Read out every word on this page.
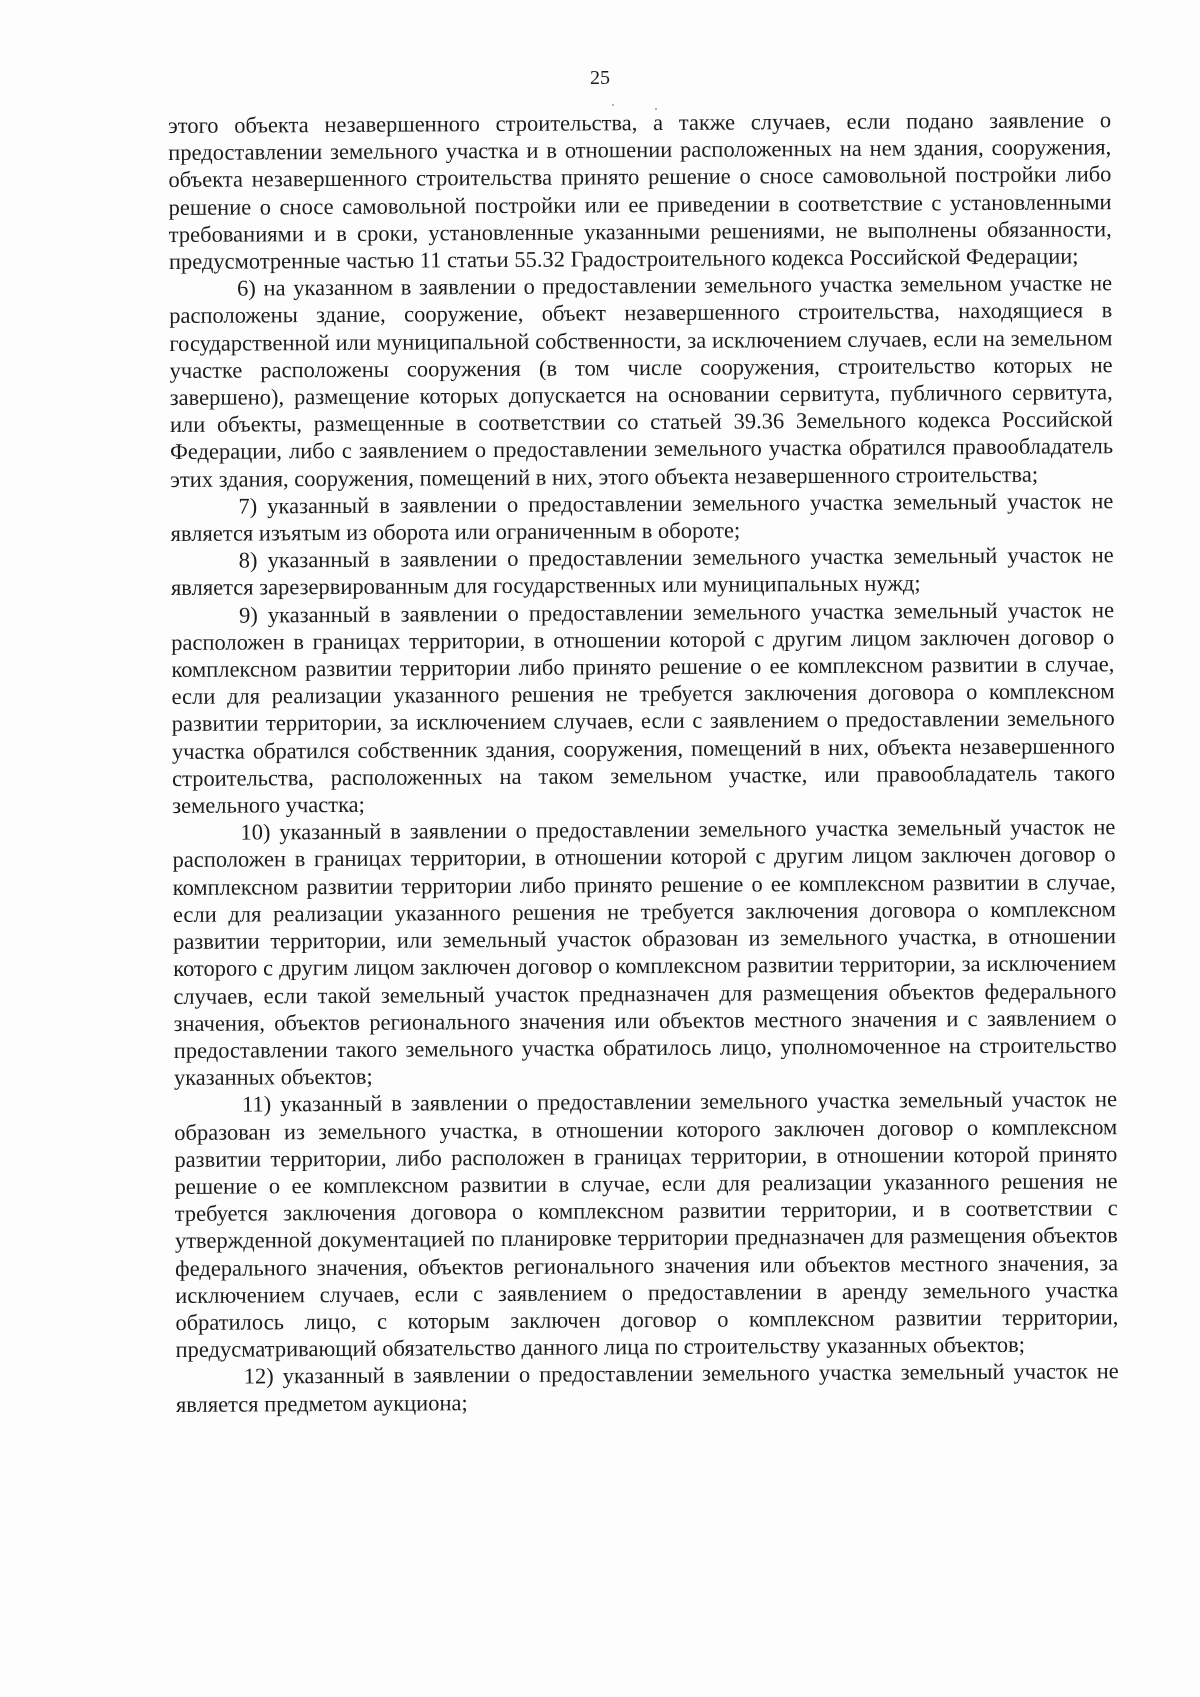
25

этого объекта незавершенного строительства, а также случаев, если подано заявление о предоставлении земельного участка и в отношении расположенных на нем здания, сооружения, объекта незавершенного строительства принято решение о сносе самовольной постройки либо решение о сносе самовольной постройки или ее приведении в соответствие с установленными требованиями и в сроки, установленные указанными решениями, не выполнены обязанности, предусмотренные частью 11 статьи 55.32 Градостроительного кодекса Российской Федерации;

6) на указанном в заявлении о предоставлении земельного участка земельном участке не расположены здание, сооружение, объект незавершенного строительства, находящиеся в государственной или муниципальной собственности, за исключением случаев, если на земельном участке расположены сооружения (в том числе сооружения, строительство которых не завершено), размещение которых допускается на основании сервитута, публичного сервитута, или объекты, размещенные в соответствии со статьей 39.36 Земельного кодекса Российской Федерации, либо с заявлением о предоставлении земельного участка обратился правообладатель этих здания, сооружения, помещений в них, этого объекта незавершенного строительства;

7) указанный в заявлении о предоставлении земельного участка земельный участок не является изъятым из оборота или ограниченным в обороте;

8) указанный в заявлении о предоставлении земельного участка земельный участок не является зарезервированным для государственных или муниципальных нужд;

9) указанный в заявлении о предоставлении земельного участка земельный участок не расположен в границах территории, в отношении которой с другим лицом заключен договор о комплексном развитии территории либо принято решение о ее комплексном развитии в случае, если для реализации указанного решения не требуется заключения договора о комплексном развитии территории, за исключением случаев, если с заявлением о предоставлении земельного участка обратился собственник здания, сооружения, помещений в них, объекта незавершенного строительства, расположенных на таком земельном участке, или правообладатель такого земельного участка;

10) указанный в заявлении о предоставлении земельного участка земельный участок не расположен в границах территории, в отношении которой с другим лицом заключен договор о комплексном развитии территории либо принято решение о ее комплексном развитии в случае, если для реализации указанного решения не требуется заключения договора о комплексном развитии территории, или земельный участок образован из земельного участка, в отношении которого с другим лицом заключен договор о комплексном развитии территории, за исключением случаев, если такой земельный участок предназначен для размещения объектов федерального значения, объектов регионального значения или объектов местного значения и с заявлением о предоставлении такого земельного участка обратилось лицо, уполномоченное на строительство указанных объектов;

11) указанный в заявлении о предоставлении земельного участка земельный участок не образован из земельного участка, в отношении которого заключен договор о комплексном развитии территории, либо расположен в границах территории, в отношении которой принято решение о ее комплексном развитии в случае, если для реализации указанного решения не требуется заключения договора о комплексном развитии территории, и в соответствии с утвержденной документацией по планировке территории предназначен для размещения объектов федерального значения, объектов регионального значения или объектов местного значения, за исключением случаев, если с заявлением о предоставлении в аренду земельного участка обратилось лицо, с которым заключен договор о комплексном развитии территории, предусматривающий обязательство данного лица по строительству указанных объектов;

12) указанный в заявлении о предоставлении земельного участка земельный участок не является предметом аукциона;
